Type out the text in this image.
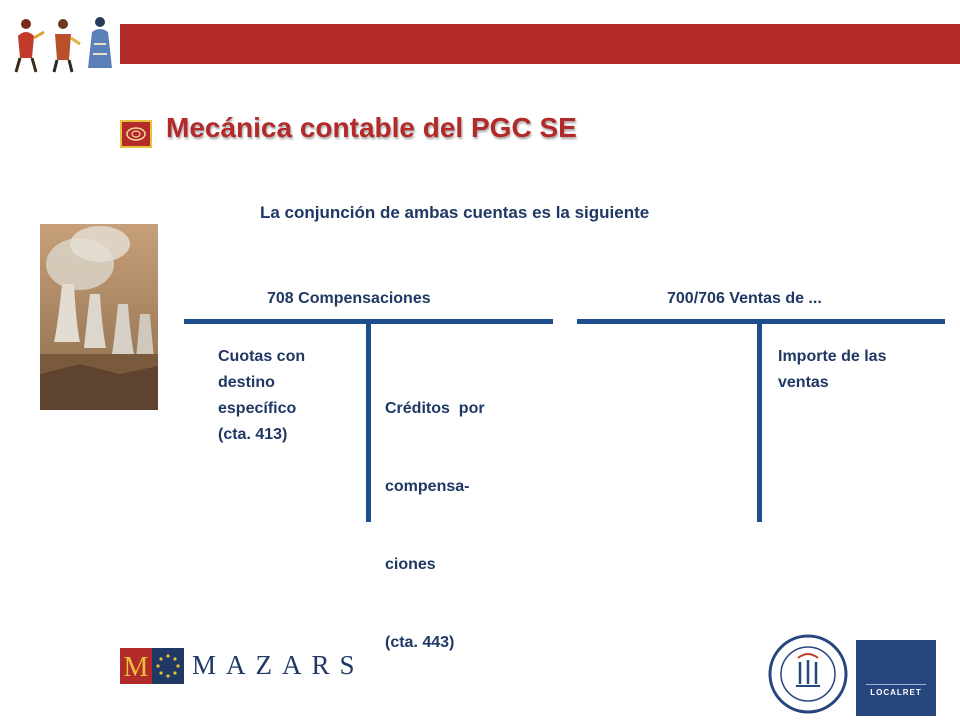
Mecánica contable del PGC SE
La conjunción de ambas cuentas es la siguiente
708 Compensaciones
Cuotas con
destino
específico
(cta. 413)

Créditos  por

compensa-

ciones

(cta. 443)

700/706 Ventas de ...
Importe de las
ventas
M MAZARS
LOCALRET
